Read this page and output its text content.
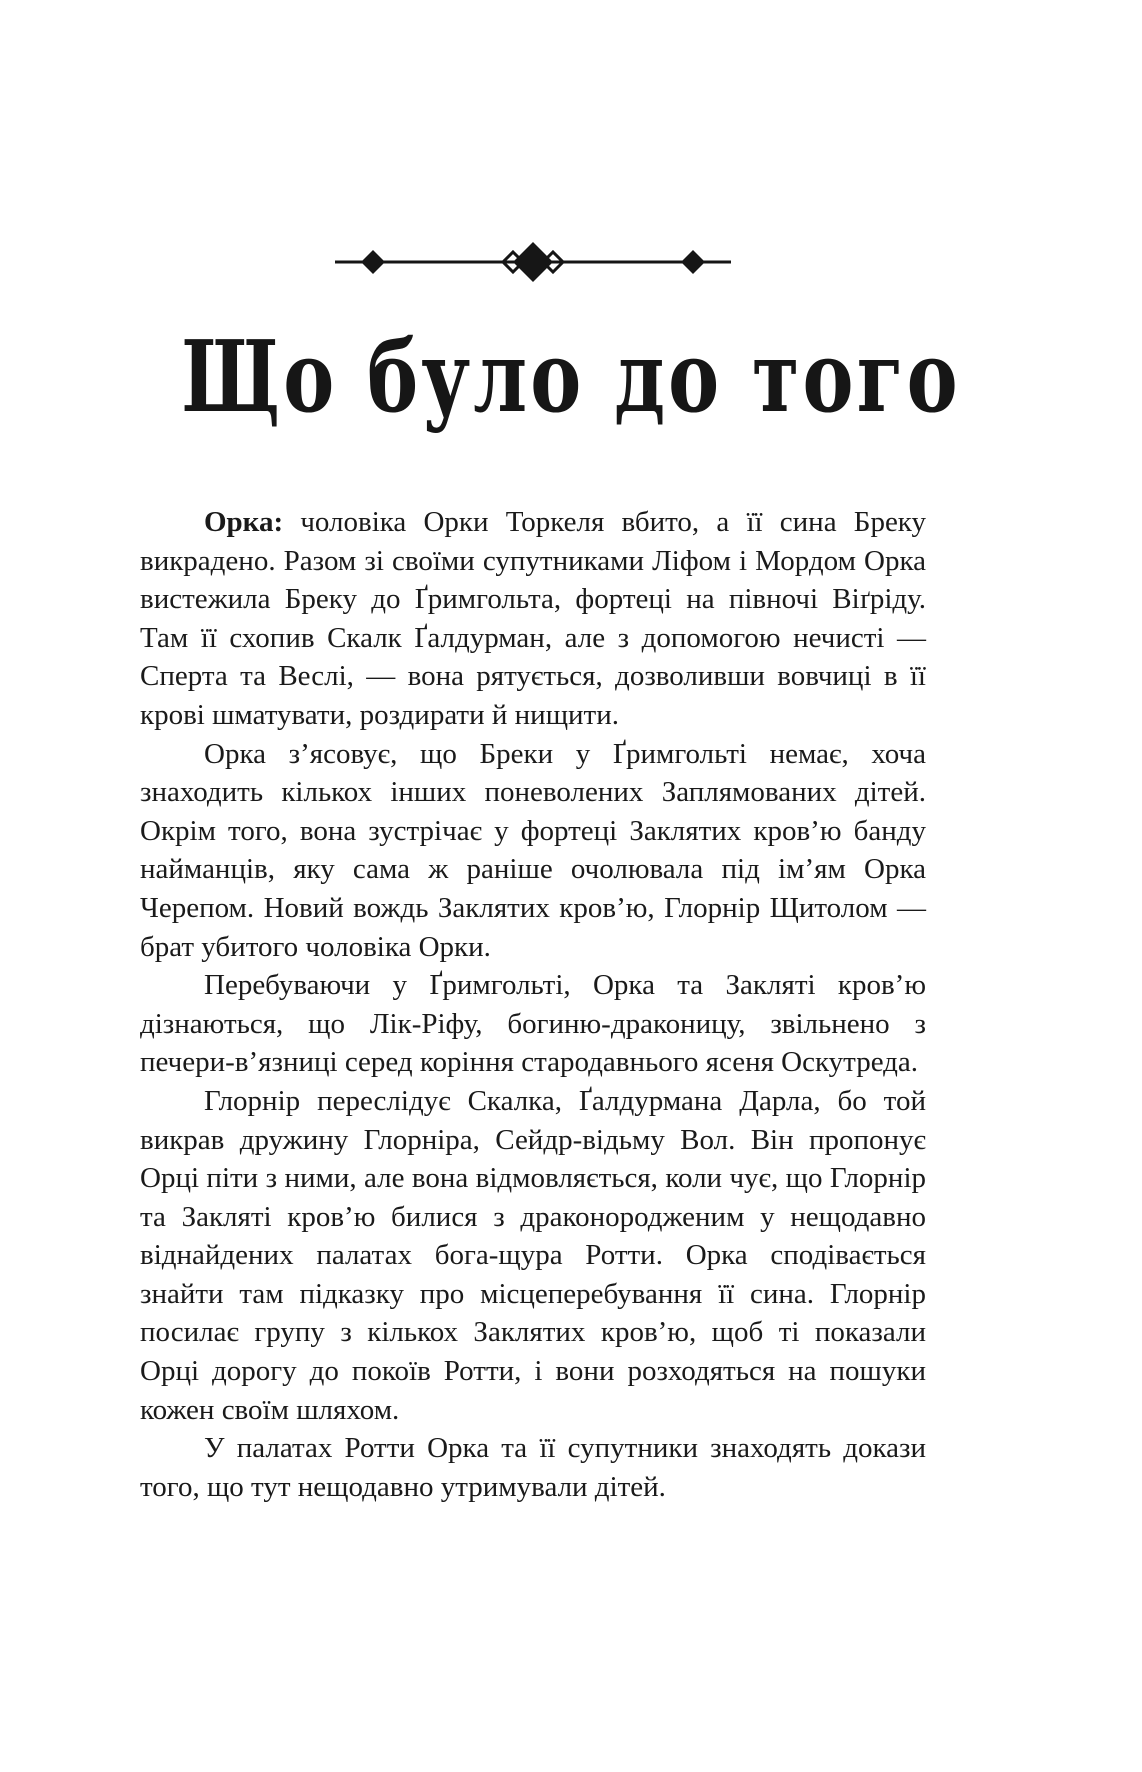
Що було до того

Орка: чоловіка Орки Торкеля вбито, а її сина Бреку викрадено. Разом зі своїми супутниками Ліфом і Мордом Орка вистежила Бреку до Ґримгольта, фортеці на півночі Віґріду. Там її схопив Скалк Ґалдурман, але з допомогою нечисті — Сперта та Веслі, — вона рятується, дозволивши вовчиці в її крові шматувати, роздирати й нищити.

Орка зʼясовує, що Бреки у Ґримгольті немає, хоча знаходить кількох інших поневолених Заплямованих дітей. Окрім того, вона зустрічає у фортеці Заклятих кровʼю банду найманців, яку сама ж раніше очолювала під імʼям Орка Черепом. Новий вождь Заклятих кровʼю, Глорнір Щитолом — брат убитого чоловіка Орки.

Перебуваючи у Ґримгольті, Орка та Закляті кровʼю дізнаються, що Лік-Ріфу, богиню-драконицу, звільнено з печери-вʼязниці серед коріння стародавнього ясеня Оскутреда.

Глорнір переслідує Скалка, Ґалдурмана Дарла, бо той викрав дружину Глорніра, Сейдр-відьму Вол. Він пропонує Орці піти з ними, але вона відмовляється, коли чує, що Глорнір та Закляті кровʼю билися з драконородженим у нещодавно віднайдених палатах бога-щура Ротти. Орка сподівається знайти там підказку про місцеперебування її сина. Глорнір посилає групу з кількох Заклятих кровʼю, щоб ті показали Орці дорогу до покоїв Ротти, і вони розходяться на пошуки кожен своїм шляхом.

У палатах Ротти Орка та її супутники знаходять докази того, що тут нещодавно утримували дітей.
